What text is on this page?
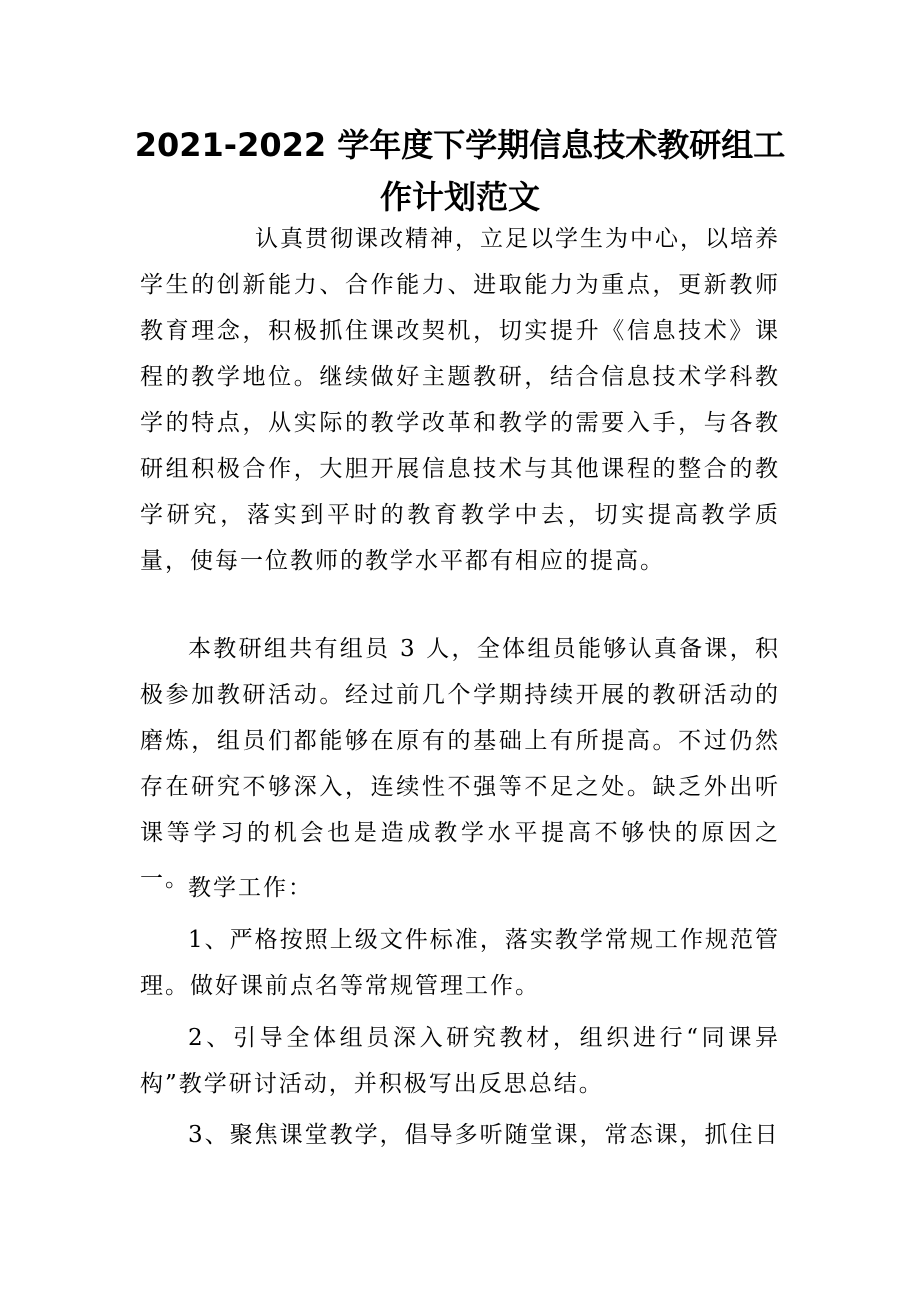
2021-2022 学年度下学期信息技术教研组工
作计划范文
认真贯彻课改精神，立足以学生为中心，以培养学生的创新能力、合作能力、进取能力为重点，更新教师教育理念，积极抓住课改契机，切实提升《信息技术》课程的教学地位。继续做好主题教研，结合信息技术学科教学的特点，从实际的教学改革和教学的需要入手，与各教研组积极合作，大胆开展信息技术与其他课程的整合的教学研究，落实到平时的教育教学中去，切实提高教学质量，使每一位教师的教学水平都有相应的提高。
本教研组共有组员 3 人，全体组员能够认真备课，积极参加教研活动。经过前几个学期持续开展的教研活动的磨炼，组员们都能够在原有的基础上有所提高。不过仍然存在研究不够深入，连续性不强等不足之处。缺乏外出听课等学习的机会也是造成教学水平提高不够快的原因之一。
教学工作：
1、严格按照上级文件标准，落实教学常规工作规范管理。做好课前点名等常规管理工作。
2、引导全体组员深入研究教材，组织进行“同课异构”教学研讨活动，并积极写出反思总结。
3、聚焦课堂教学，倡导多听随堂课，常态课，抓住日
